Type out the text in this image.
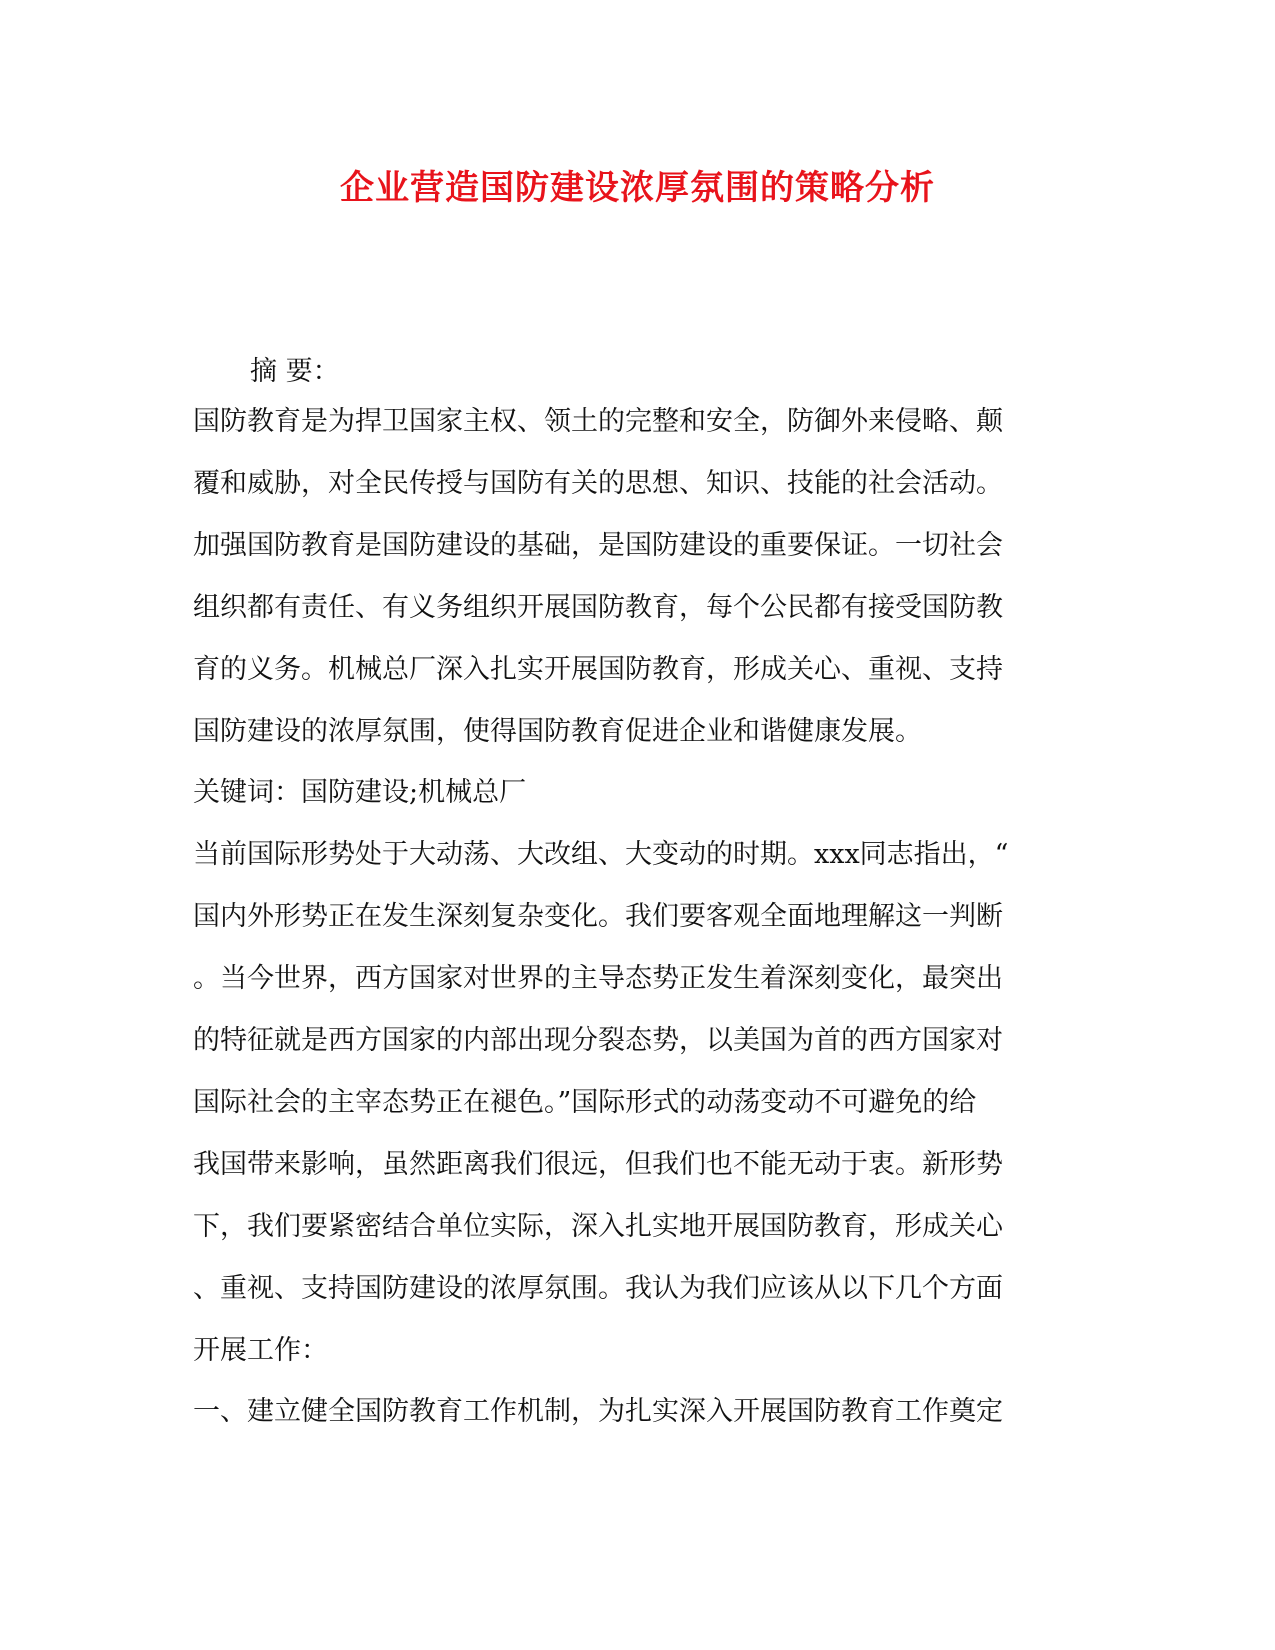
企业营造国防建设浓厚氛围的策略分析
摘 要：
国防教育是为捍卫国家主权、领土的完整和安全，防御外来侵略、颠
覆和威胁，对全民传授与国防有关的思想、知识、技能的社会活动。
加强国防教育是国防建设的基础，是国防建设的重要保证。一切社会
组织都有责任、有义务组织开展国防教育，每个公民都有接受国防教
育的义务。机械总厂深入扎实开展国防教育，形成关心、重视、支持
国防建设的浓厚氛围，使得国防教育促进企业和谐健康发展。
关键词：国防建设;机械总厂
当前国际形势处于大动荡、大改组、大变动的时期。xxx同志指出，“
国内外形势正在发生深刻复杂变化。我们要客观全面地理解这一判断
。当今世界，西方国家对世界的主导态势正发生着深刻变化，最突出
的特征就是西方国家的内部出现分裂态势，以美国为首的西方国家对
国际社会的主宰态势正在褪色。”国际形式的动荡变动不可避免的给
我国带来影响，虽然距离我们很远，但我们也不能无动于衷。新形势
下，我们要紧密结合单位实际，深入扎实地开展国防教育，形成关心
、重视、支持国防建设的浓厚氛围。我认为我们应该从以下几个方面
开展工作：
一、建立健全国防教育工作机制，为扎实深入开展国防教育工作奠定
